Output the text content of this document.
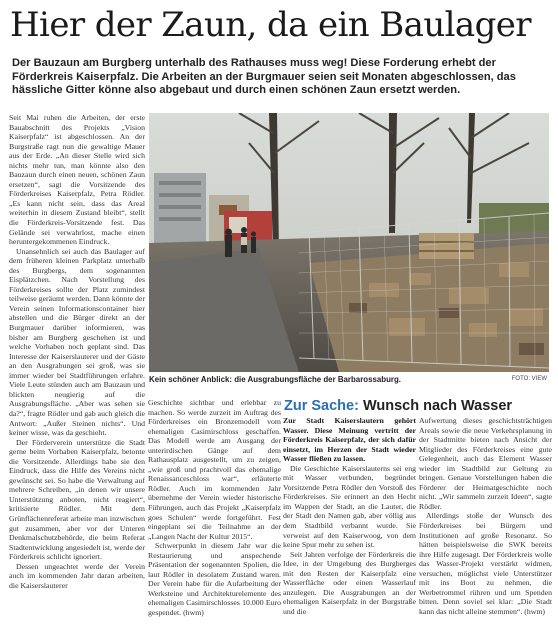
Hier der Zaun, da ein Baulager

Der Bauzaun am Burgberg unterhalb des Rathauses muss weg! Diese Forderung erhebt der Förderkreis Kaiserpfalz. Die Arbeiten an der Burgmauer seien seit Monaten abgeschlossen, das hässliche Gitter könne also abgebaut und durch einen schönen Zaun ersetzt werden.

Seit Mai ruhen die Arbeiten, der erste Bauabschnitt des Projekts „Vision Kaiserpfalz“ ist abgeschlossen. An der Burgstraße ragt nun die gewaltige Mauer aus der Erde. „An dieser Stelle wird sich nichts mehr tun, man könnte also den Bauzaun durch einen neuen, schönen Zaun ersetzen“, sagt die Vorsitzende des Förderkreises Kaiserpfalz, Petra Rödler. „Es kann nicht sein, dass das Areal weiterhin in diesem Zustand bleibt“, stellt die Förderkreis-Vorsitzende fest. Das Gelände sei verwahrlost, mache einen heruntergekommenen Eindruck.

Unansehnlich sei auch das Baulager auf dem früheren kleinen Parkplatz unterhalb des Burgbergs, dem sogenannten Eisplätzchen. Nach Vorstellung des Förderkreises sollte der Platz zumindest teilweise geräumt werden. Dann könnte der Verein seinen Informationscontainer hier abstellen und die Bürger direkt an der Burgmauer darüber informieren, was bisher am Burgberg geschehen ist und welche Vorhaben noch geplant sind. Das Interesse der Kaiserslauterer und der Gäste an den Ausgrabungen sei groß, was sie immer wieder bei Stadtführungen erfahre. Viele Leute stünden auch am Bauzaun und blickten neugierig auf die Ausgrabungsfläche. „Aber was sehen sie da?“, fragte Rödler und gab auch gleich die Antwort: „Außer Steinen nichts“. Und keiner wisse, was da geschieht.

Der Förderverein unterstütze die Stadt gerne beim Vorhaben Kaiserpfalz, betonte die Vorsitzende. Allerdings habe sie den Eindruck, dass die Hilfe des Vereins nicht gewünscht sei. So habe die Verwaltung auf mehrere Schreiben, „in denen wir unsere Unterstützung anboten, nicht reagiert“, kritisierte Rödler. Mit dem Grünflächenreferat arbeite man inzwischen gut zusammen, aber vor der Unteren Denkmalschutzbehörde, die beim Referat Stadtentwicklung angesiedelt ist, werde der Förderkreis schlicht ignoriert.

Dessen ungeachtet werde der Verein auch im kommenden Jahr daran arbeiten, die Kaiserslauterer

Kein schöner Anblick: die Ausgrabungsfläche der Barbarossaburg.	FOTO: VIEW

Geschichte sichtbar und erlebbar zu machen. So werde zurzeit im Auftrag des Förderkreises ein Bronzemodell vom ehemaligen Casimirschloss geschaffen. Das Modell werde am Ausgang der unterirdischen Gänge auf dem Rathausplatz ausgestellt, um zu zeigen, „wie groß und prachtvoll das ehemalige Renaissanceschloss war“, erläuterte Rödler. Auch im kommenden Jahr übernehme der Verein wieder historische Führungen, auch das Projekt „Kaiserpfalz goes Schulen“ werde fortgeführt. Fest eingeplant sei die Teilnahme an der „Langen Nacht der Kultur 2015“.

Schwerpunkt in diesem Jahr war die Restaurierung und anspechende Präsentation der sogenannten Spolien, die laut Rödler in desolatem Zustand waren. Der Verein habe für die Aufarbeitung der Werksteine und Architekturelemente des ehemaligen Casimirschlosses 10.000 Euro gespendet. (hwm)

Zur Sache: Wunsch nach Wasser

Zur Stadt Kaiserslautern gehört Wasser. Diese Meinung vertritt der Förderkreis Kaiserpfalz, der sich dafür einsetzt, im Herzen der Stadt wieder Wasser fließen zu lassen.

Die Geschichte Kaiserslauterns sei eng mit Wasser verbunden, begründet Vorsitzende Petra Rödler den Vorstoß des Förderkreises. Sie erinnert an den Hecht im Wappen der Stadt, an die Lauter, die der Stadt den Namen gab, aber völlig aus dem Stadtbild verbannt wurde. Sie verweist auf den Kaiserwoog, von dem keine Spur mehr zu sehen ist.

Seit Jahren verfolge der Förderkreis die Idee, in der Umgebung des Burgberges mit den Resten der Kaiserpfalz eine Wasserfläche oder einen Wasserlauf anzulegen. Die Ausgrabungen an der ehemaligen Kaiserpfalz in der Burgstraße und die

Aufwertung dieses geschichtsträchtigen Areals sowie die neue Verkehrsplanung in der Stadtmitte bieten nach Ansicht der Mitglieder des Förderkreises eine gute Gelegenheit, auch das Element Wasser wieder im Stadtbild zur Geltung zu bringen. Genaue Vorstellungen haben die Förderer der Heimatgeschichte noch nicht. „Wir sammeln zurzeit Ideen“, sagte Rödler.

Allerdings stoße der Wunsch des Förderkreises bei Bürgern und Institutionen auf große Resonanz. So hätten beispielsweise die SWK bereits ihre Hilfe zugesagt. Der Förderkreis wolle das Wasser-Projekt verstärkt widmen, versuchen, möglichst viele Unterstützer mit ins Boot zu nehmen, die Werbetrommel rühren und um Spenden bitten. Denn soviel sei klar: „Die Stadt kann das nicht alleine stemmen“. (hwm)
